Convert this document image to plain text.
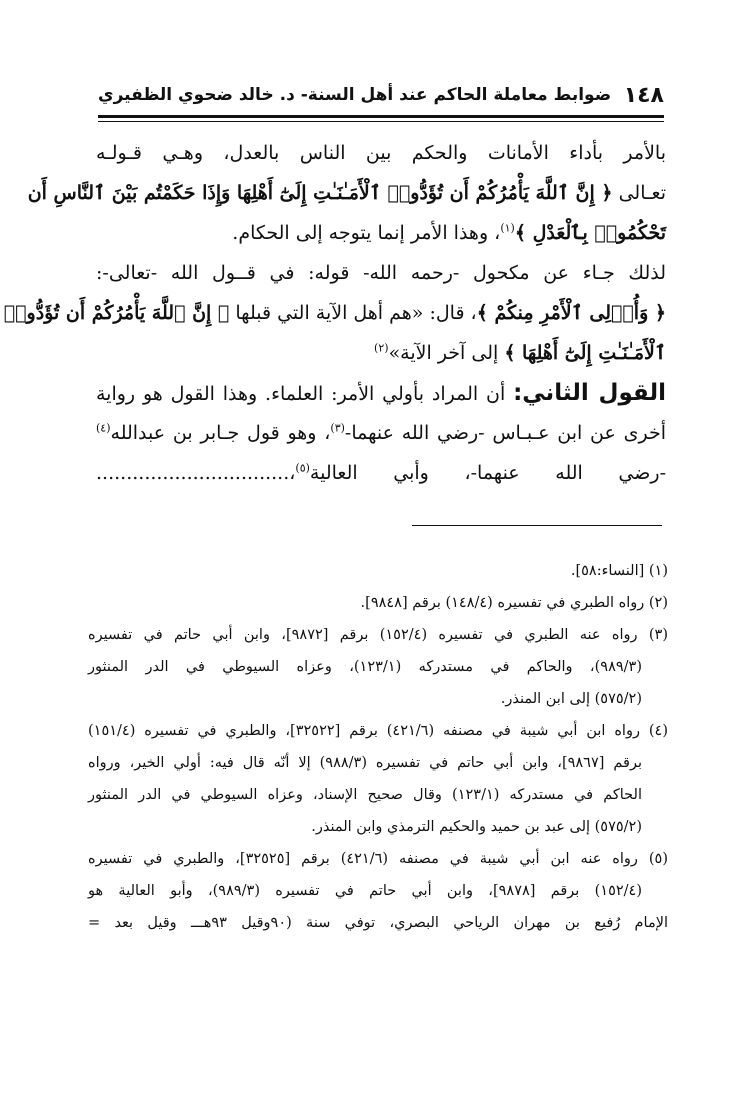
١٤٨
ضوابط معاملة الحاكم عند أهل السنة- د. خالد ضحوي الظفيري
بالأمر بأداء الأمانات والحكم بين الناس بالعدل، وهـي قـولـه
تعـالى ﴿ إِنَّ ٱللَّهَ يَأْمُرُكُمْ أَن تُؤَدُّوا۟ ٱلْأَمَـٰنَـٰتِ إِلَىٰٓ أَهْلِهَا وَإِذَا حَكَمْتُم بَيْنَ ٱلنَّاسِ أَن
تَحْكُمُوا۟ بِٱلْعَدْلِ ﴾$^{(١)}$، وهذا الأمر إنما يتوجه إلى الحكام.
لذلك جـاء عن مكحول -رحمه الله- قوله: في قــول الله -تعالى-:
﴿ وَأُو۟لِى ٱلْأَمْرِ مِنكُمْ ﴾، قال: «هم أهل الآية التي قبلها ﴿ إِنَّ ٱللَّهَ يَأْمُرُكُمْ أَن تُؤَدُّوا۟
ٱلْأَمَـٰنَـٰتِ إِلَىٰٓ أَهْلِهَا ﴾ إلى آخر الآية»$^{(٢)}$
القول الثاني: أن المراد بأولي الأمر: العلماء. وهذا القول هو رواية
أخرى عن ابن عـبـاس -رضي الله عنهما-$^{(٣)}$، وهو قول جـابر بن عبدالله$^{(٤)}$
-رضي الله عنهما-، وأبي العالية$^{(٥)}$،................................
(١) [النساء:٥٨].
(٢) رواه الطبري في تفسيره (١٤٨/٤) برقم [٩٨٤٨].
(٣) رواه عنه الطبري في تفسيره (١٥٢/٤) برقم [٩٨٧٢]، وابن أبي حاتم في تفسيره
(٩٨٩/٣)، والحاكم في مستدركه (١٢٣/١)، وعزاه السيوطي في الدر المنثور
(٥٧٥/٢) إلى ابن المنذر.
(٤) رواه ابن أبي شيبة في مصنفه (٤٢١/٦) برقم [٣٢٥٢٢]، والطبري في تفسيره (١٥١/٤)
برقم [٩٨٦٧]، وابن أبي حاتم في تفسيره (٩٨٨/٣) إلا أنّه قال فيه: أولي الخير، ورواه
الحاكم في مستدركه (١٢٣/١) وقال صحيح الإسناد، وعزاه السيوطي في الدر المنثور
(٥٧٥/٢) إلى عبد بن حميد والحكيم الترمذي وابن المنذر.
(٥) رواه عنه ابن أبي شيبة في مصنفه (٤٢١/٦) برقم [٣٢٥٢٥]، والطبري في تفسيره
(١٥٢/٤) برقم [٩٨٧٨]، وابن أبي حاتم في تفسيره (٩٨٩/٣)، وأبو العالية هو
الإمام رُفيع بن مهران الرياحي البصري، توفي سنة (٩٠وقيل ٩٣هـــ وقيل بعد =
